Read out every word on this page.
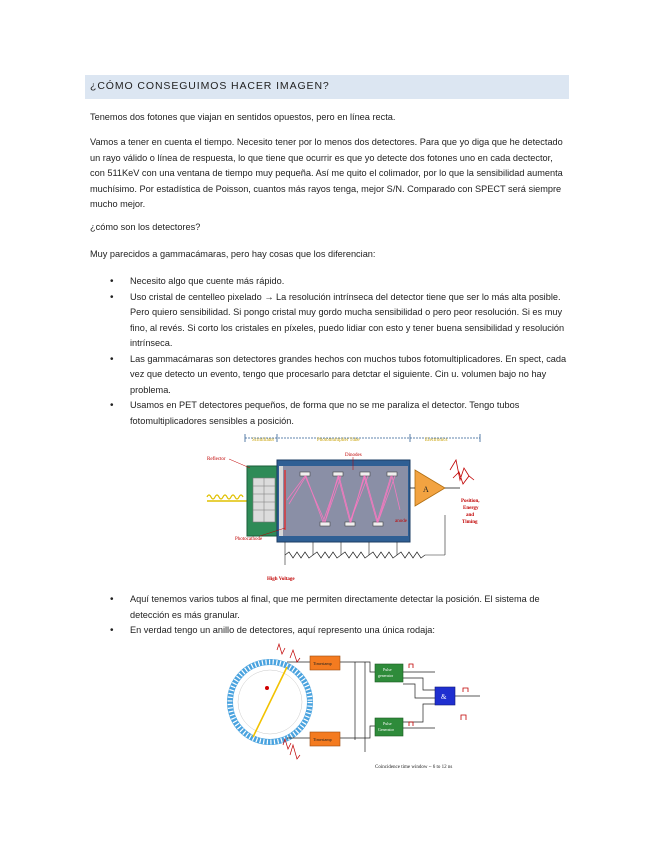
¿CÓMO CONSEGUIMOS HACER IMAGEN?
Tenemos dos fotones que viajan en sentidos opuestos, pero en línea recta.
Vamos a tener en cuenta el tiempo. Necesito tener por lo menos dos detectores. Para que yo diga que he detectado un rayo válido o línea de respuesta, lo que tiene que ocurrir es que yo detecte dos fotones uno en cada dectector, con 511KeV con una ventana de tiempo muy pequeña. Así me quito el colimador, por lo que la sensibilidad aumenta muchísimo. Por estadística de Poisson, cuantos más rayos tenga, mejor S/N. Comparado con SPECT será siempre mucho mejor.
¿cómo son los detectores?
Muy parecidos a gammacámaras, pero hay cosas que los diferencian:
• Necesito algo que cuente más rápido.
• Uso cristal de centelleo pixelado → La resolución intrínseca del detector tiene que ser lo más alta posible. Pero quiero sensibilidad. Si pongo cristal muy gordo mucha sensibilidad o pero peor resolución. Si es muy fino, al revés. Si corto los cristales en píxeles, puedo lidiar con esto y tener buena sensibilidad y resolución intrínseca.
• Las gammacámaras son detectores grandes hechos con muchos tubos fotomultiplicadores. En spect, cada vez que detecto un evento, tengo que procesarlo para detctar el siguiente. Cin u. volumen bajo no hay problema.
• Usamos en PET detectores pequeños, de forma que no se me paraliza el detector. Tengo tubos fotomultiplicadores sensibles a posición.
Scintillator	Photomultiplier Tube	Electronics
Dinodes
Reflector
Photocathode
anode
A
Position,
Energy
and
Timing
High Voltage
• Aquí tenemos varios tubos al final, que me permiten directamente detectar la posición. El sistema de detección es más granular.
• En verdad tengo un anillo de detectores, aquí represento una única rodaja:
Timestamp
Timestamp
Pulse
generator
Pulse
Generator
&
Coincidence time window ~ 6 to 12 ns
